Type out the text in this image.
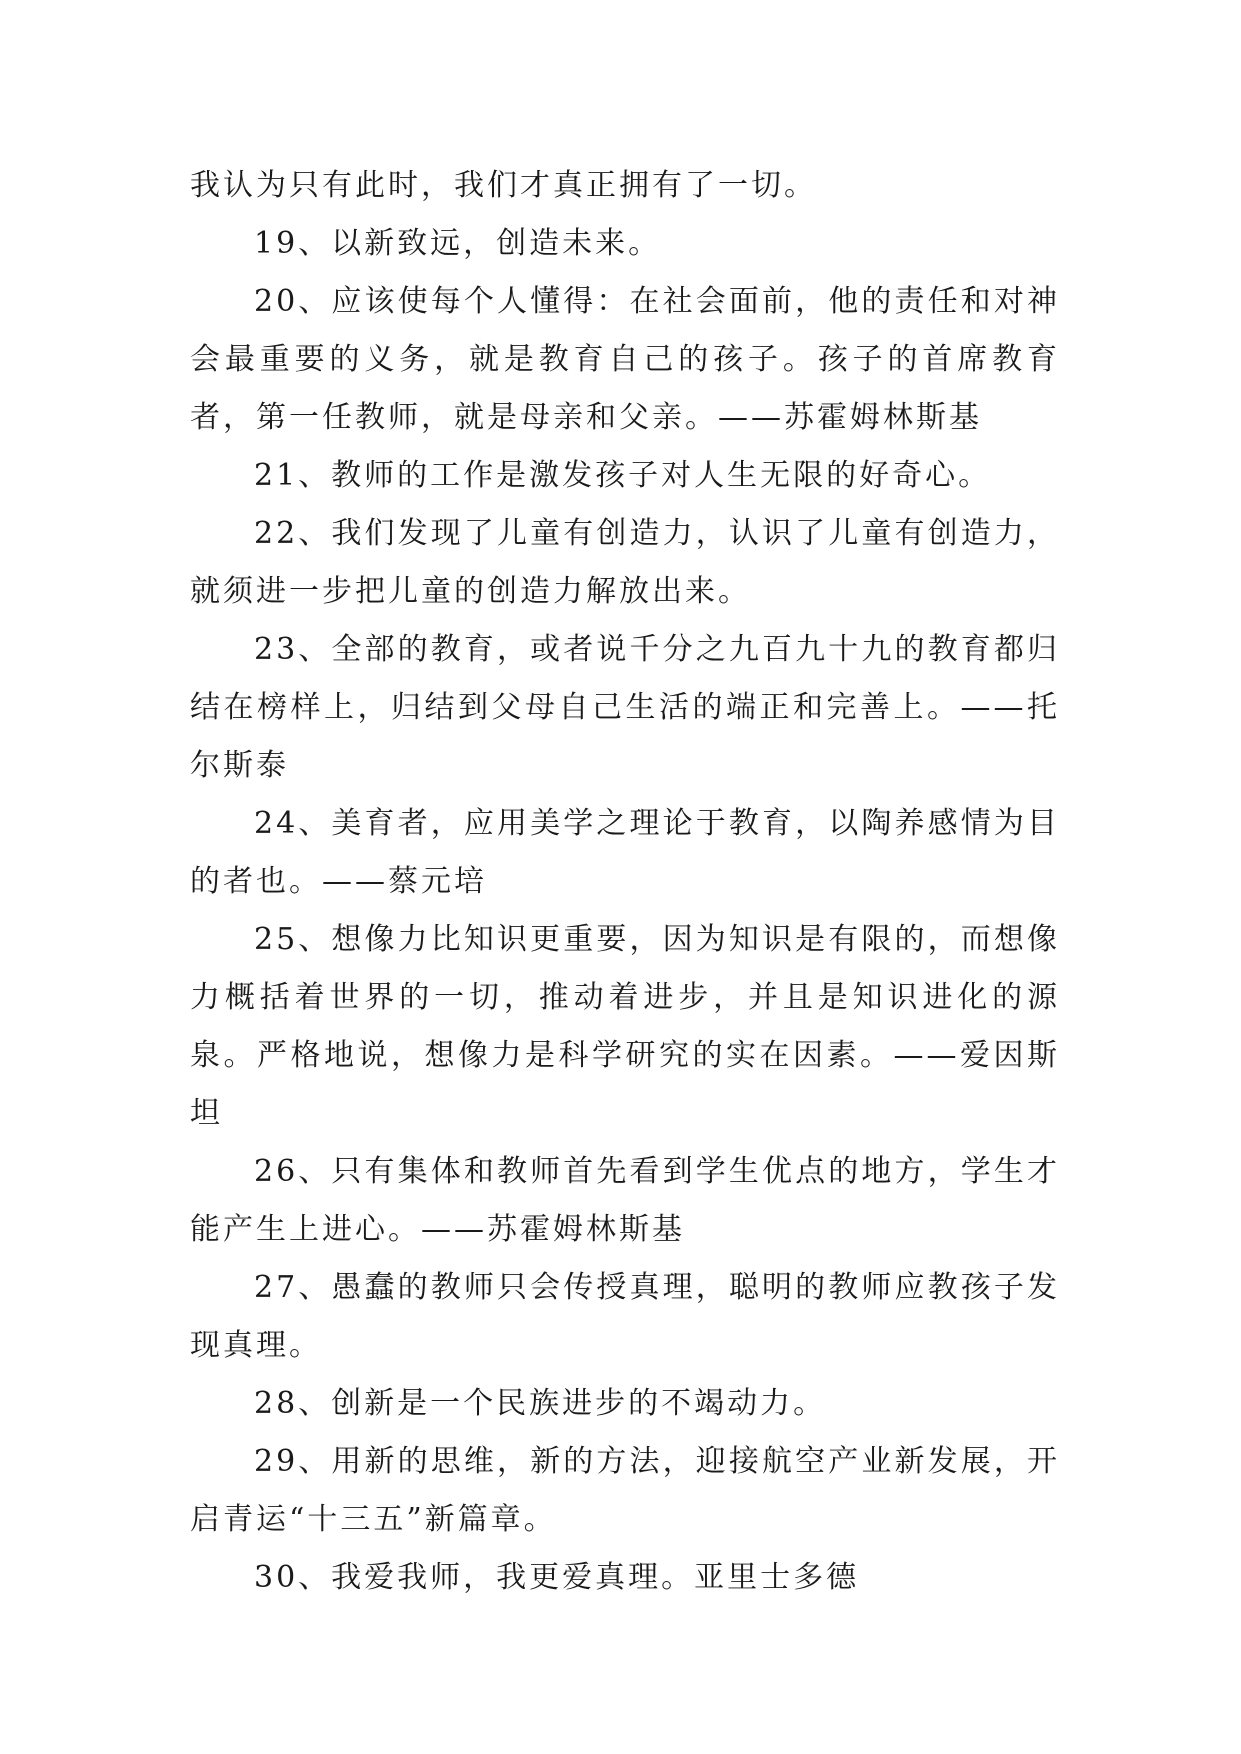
我认为只有此时，我们才真正拥有了一切。

19、以新致远，创造未来。

20、应该使每个人懂得：在社会面前，他的责任和对神会最重要的义务，就是教育自己的孩子。孩子的首席教育者，第一任教师，就是母亲和父亲。——苏霍姆林斯基

21、教师的工作是激发孩子对人生无限的好奇心。

22、我们发现了儿童有创造力，认识了儿童有创造力，就须进一步把儿童的创造力解放出来。

23、全部的教育，或者说千分之九百九十九的教育都归结在榜样上，归结到父母自己生活的端正和完善上。——托尔斯泰

24、美育者，应用美学之理论于教育，以陶养感情为目的者也。——蔡元培

25、想像力比知识更重要，因为知识是有限的，而想像力概括着世界的一切，推动着进步，并且是知识进化的源泉。严格地说，想像力是科学研究的实在因素。——爱因斯坦

26、只有集体和教师首先看到学生优点的地方，学生才能产生上进心。——苏霍姆林斯基

27、愚蠢的教师只会传授真理，聪明的教师应教孩子发现真理。

28、创新是一个民族进步的不竭动力。

29、用新的思维，新的方法，迎接航空产业新发展，开启青运“十三五”新篇章。

30、我爱我师，我更爱真理。亚里士多德
